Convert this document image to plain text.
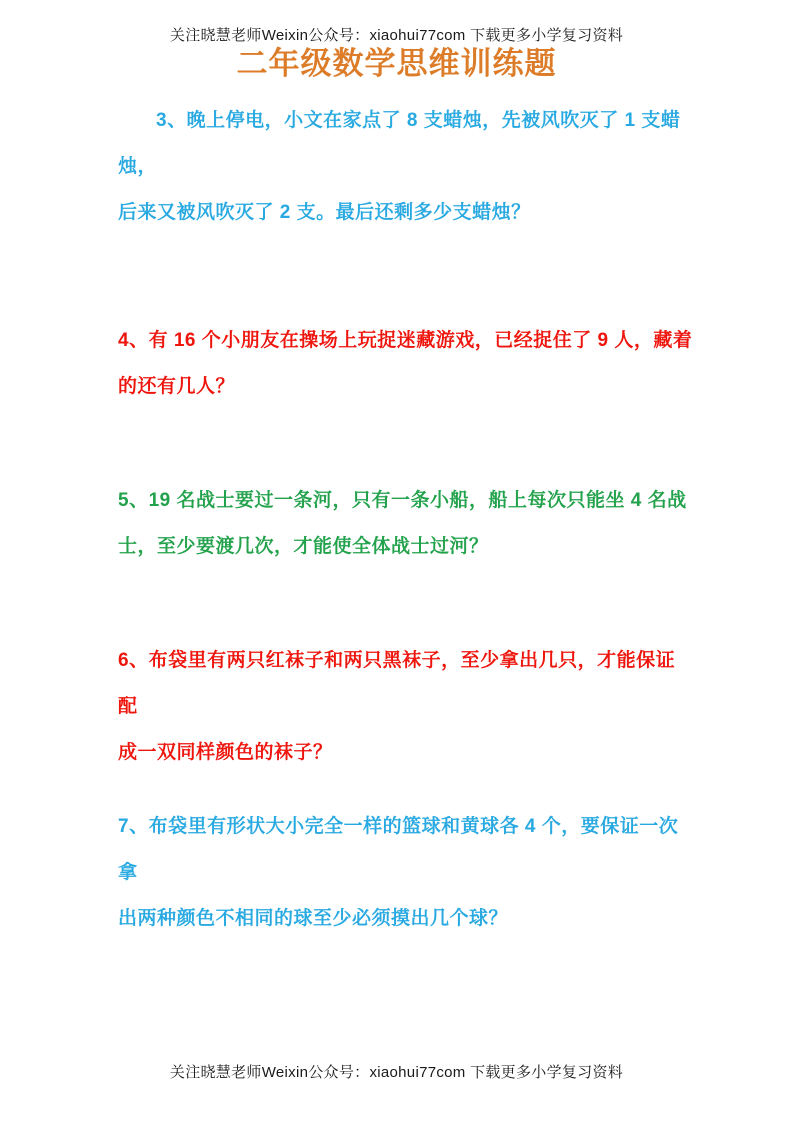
关注晓慧老师Weixin公众号：xiaohui77com 下载更多小学复习资料
二年级数学思维训练题
3、晚上停电，小文在家点了 8 支蜡烛，先被风吹灭了 1 支蜡烛，
后来又被风吹灭了 2 支。最后还剩多少支蜡烛？
4、有 16 个小朋友在操场上玩捉迷藏游戏，已经捉住了 9 人，藏着
的还有几人？
5、19 名战士要过一条河，只有一条小船，船上每次只能坐 4 名战
士，至少要渡几次，才能使全体战士过河？
6、布袋里有两只红袜子和两只黑袜子，至少拿出几只，才能保证配
成一双同样颜色的袜子？
7、布袋里有形状大小完全一样的篮球和黄球各 4 个，要保证一次拿
出两种颜色不相同的球至少必须摸出几个球？
关注晓慧老师Weixin公众号：xiaohui77com 下载更多小学复习资料
